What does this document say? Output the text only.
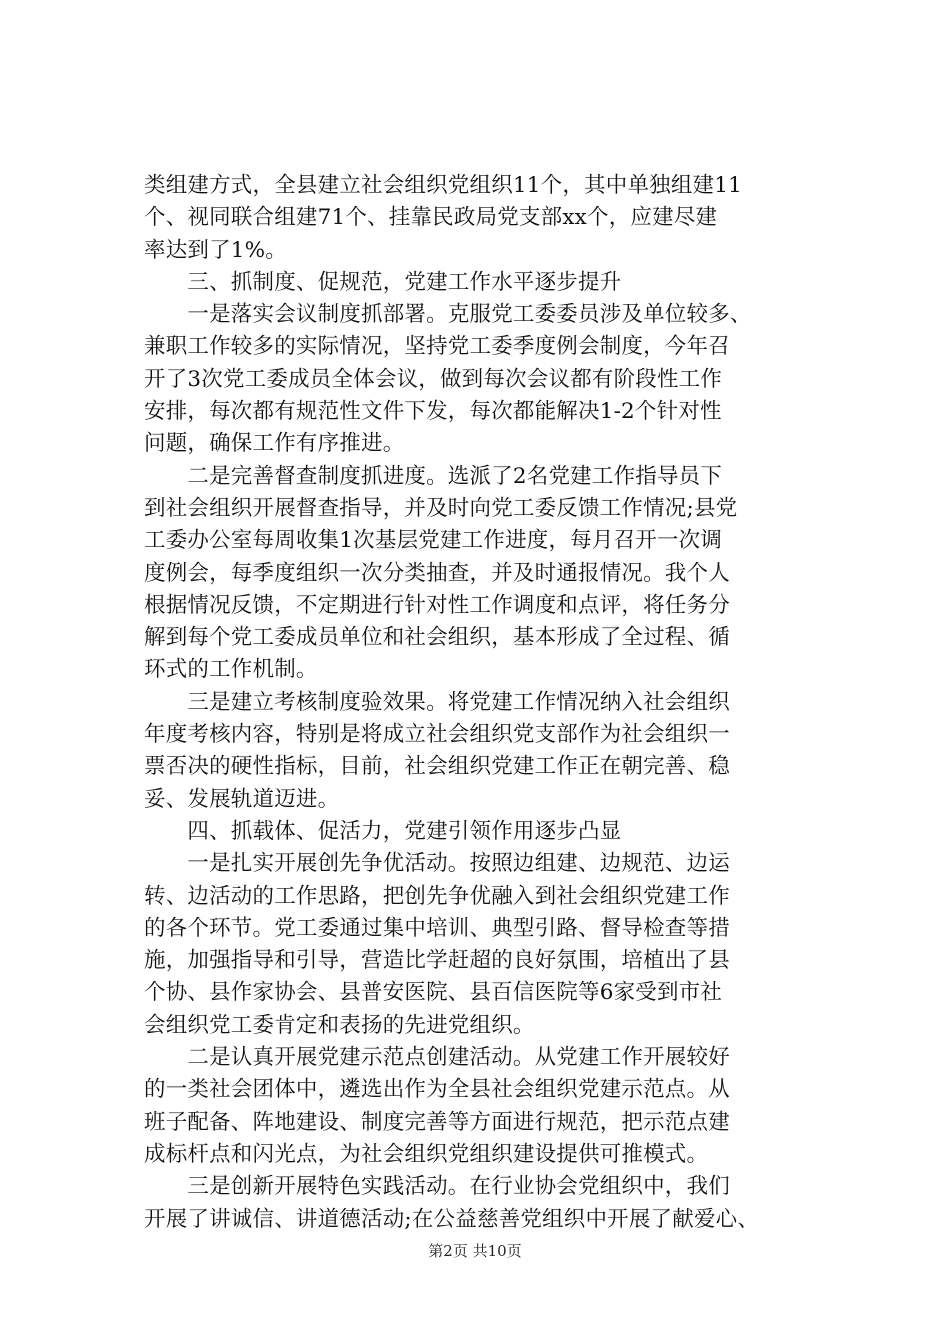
类组建方式，全县建立社会组织党组织11个，其中单独组建11
个、视同联合组建71个、挂靠民政局党支部xx个，应建尽建
率达到了1%。
　　三、抓制度、促规范，党建工作水平逐步提升
　　一是落实会议制度抓部署。克服党工委委员涉及单位较多、
兼职工作较多的实际情况，坚持党工委季度例会制度，今年召
开了3次党工委成员全体会议，做到每次会议都有阶段性工作
安排，每次都有规范性文件下发，每次都能解决1-2个针对性
问题，确保工作有序推进。
　　二是完善督查制度抓进度。选派了2名党建工作指导员下
到社会组织开展督查指导，并及时向党工委反馈工作情况;县党
工委办公室每周收集1次基层党建工作进度，每月召开一次调
度例会，每季度组织一次分类抽查，并及时通报情况。我个人
根据情况反馈，不定期进行针对性工作调度和点评，将任务分
解到每个党工委成员单位和社会组织，基本形成了全过程、循
环式的工作机制。
　　三是建立考核制度验效果。将党建工作情况纳入社会组织
年度考核内容，特别是将成立社会组织党支部作为社会组织一
票否决的硬性指标，目前，社会组织党建工作正在朝完善、稳
妥、发展轨道迈进。
　　四、抓载体、促活力，党建引领作用逐步凸显
　　一是扎实开展创先争优活动。按照边组建、边规范、边运
转、边活动的工作思路，把创先争优融入到社会组织党建工作
的各个环节。党工委通过集中培训、典型引路、督导检查等措
施，加强指导和引导，营造比学赶超的良好氛围，培植出了县
个协、县作家协会、县普安医院、县百信医院等6家受到市社
会组织党工委肯定和表扬的先进党组织。
　　二是认真开展党建示范点创建活动。从党建工作开展较好
的一类社会团体中，遴选出作为全县社会组织党建示范点。从
班子配备、阵地建设、制度完善等方面进行规范，把示范点建
成标杆点和闪光点，为社会组织党组织建设提供可推模式。
　　三是创新开展特色实践活动。在行业协会党组织中，我们
开展了讲诚信、讲道德活动;在公益慈善党组织中开展了献爱心、
第2页 共10页
